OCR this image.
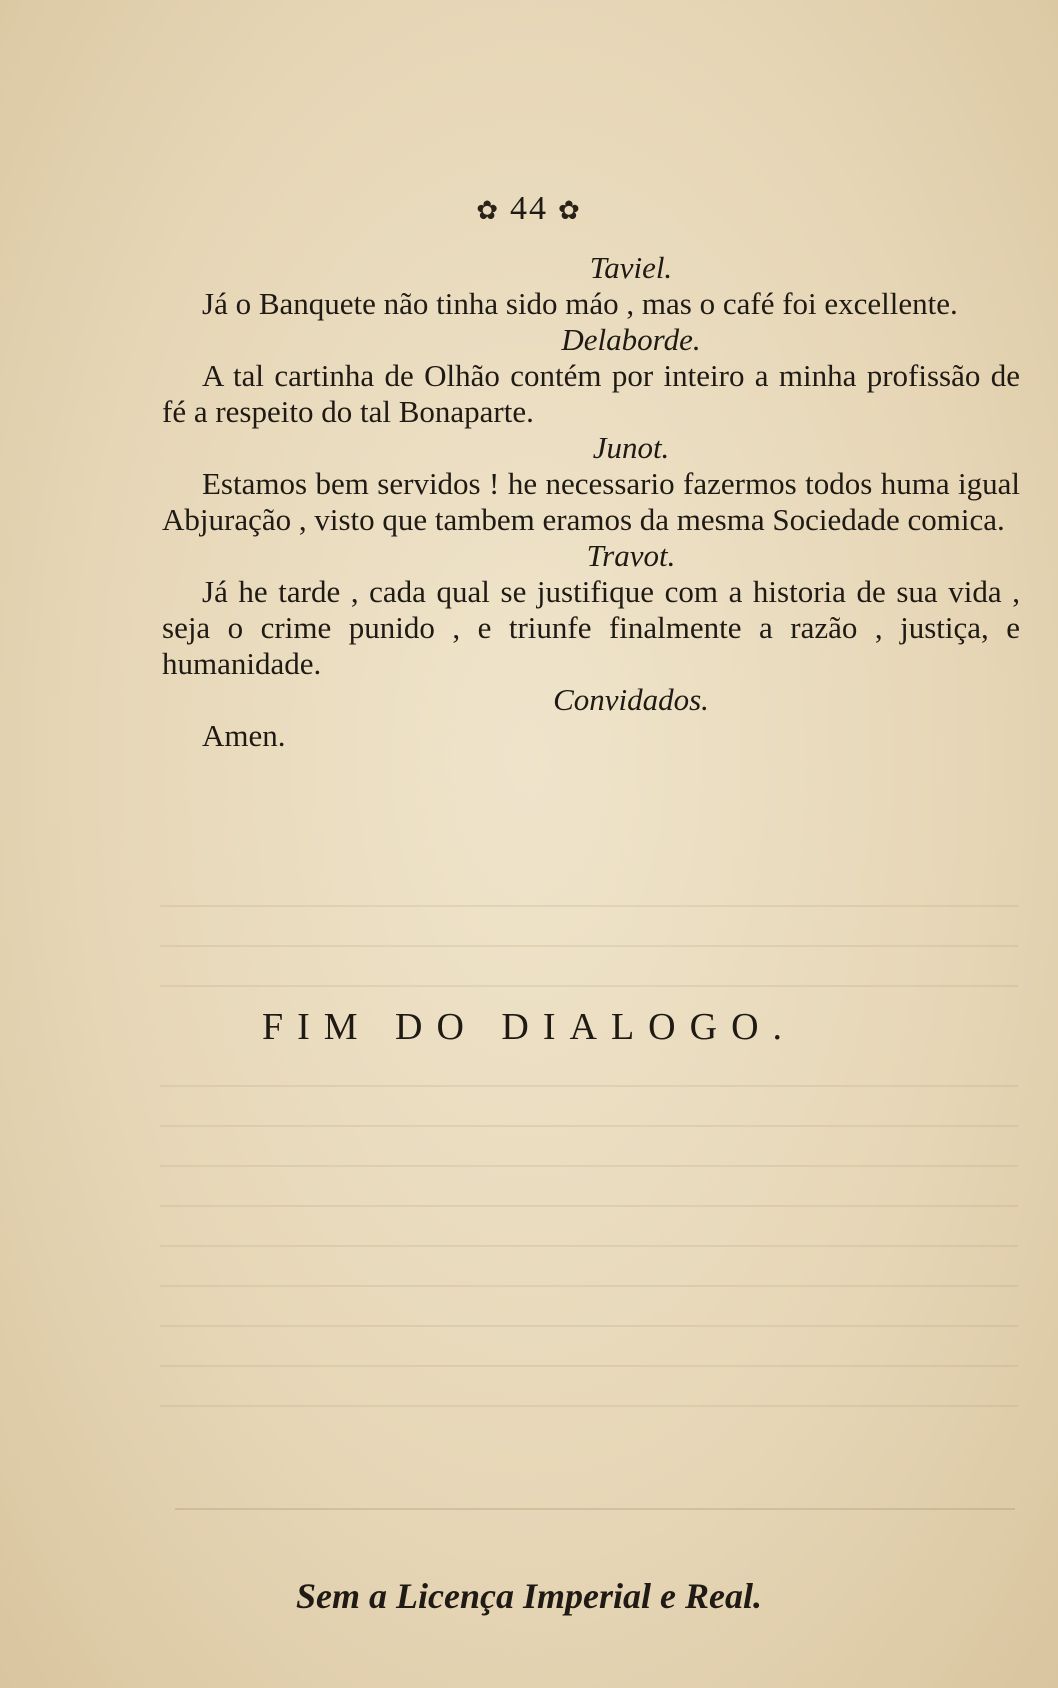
✿ 44 ✿
Taviel.
Já o Banquete não tinha sido máo , mas o café foi excellente.
Delaborde.
A tal cartinha de Olhão contém por inteiro a minha profissão de fé a respeito do tal Bonaparte.
Junot.
Estamos bem servidos ! he necessario fazermos todos huma igual Abjuração , visto que tambem eramos da mesma Sociedade comica.
Travot.
Já he tarde , cada qual se justifique com a historia de sua vida , seja o crime punido , e triunfe finalmente a razão , justiça, e humanidade.
Convidados.
Amen.
FIM DO DIALOGO.
Sem a Licença Imperial e Real.
